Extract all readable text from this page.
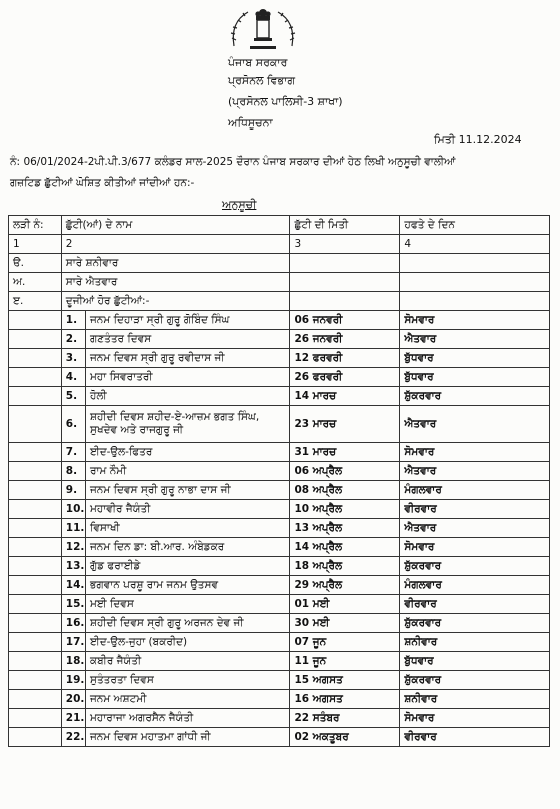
ਪੰਜਾਬ ਸਰਕਾਰ
ਪ੍ਰਸੋਨਲ ਵਿਭਾਗ
(ਪ੍ਰਸੋਨਲ ਪਾਲਿਸੀ-3 ਸ਼ਾਖਾ)
ਅਧਿਸੂਚਨਾ
ਮਿਤੀ 11.12.2024
ਨੰ: 06/01/2024-2ਪੀ.ਪੀ.3/677 ਕਲੰਡਰ ਸਾਲ-2025 ਦੌਰਾਨ ਪੰਜਾਬ ਸਰਕਾਰ ਦੀਆਂ ਹੇਠ ਲਿਖੀ ਅਨੁਸੂਚੀ ਵਾਲੀਆਂ
ਗਜ਼ਟਿਡ ਛੁੱਟੀਆਂ ਘੋਸ਼ਿਤ ਕੀਤੀਆਂ ਜਾਂਦੀਆਂ ਹਨ:-
ਅਨੁਸੂਚੀ
ਲੜੀ ਨੰ:	ਛੁੱਟੀ(ਆਂ) ਦੇ ਨਾਮ		ਛੁੱਟੀ ਦੀ ਮਿਤੀ	ਹਫਤੇ ਦੇ ਦਿਨ
1	2		3	4
ੳ.	ਸਾਰੇ ਸ਼ਨੀਵਾਰ			
ਅ.	ਸਾਰੇ ਐਤਵਾਰ			
ੲ.	ਦੂਜੀਆਂ ਹੋਰ ਛੁੱਟੀਆਂ:-			
	1.	ਜਨਮ ਦਿਹਾੜਾ ਸ੍ਰੀ ਗੁਰੂ ਗੋਬਿੰਦ ਸਿੰਘ	06 ਜਨਵਰੀ	ਸੋਮਵਾਰ
	2.	ਗਣਤੰਤਰ ਦਿਵਸ	26 ਜਨਵਰੀ	ਐਤਵਾਰ
	3.	ਜਨਮ ਦਿਵਸ ਸ੍ਰੀ ਗੁਰੂ ਰਵੀਦਾਸ ਜੀ	12 ਫਰਵਰੀ	ਬੁੱਧਵਾਰ
	4.	ਮਹਾ ਸਿਵਰਾਤਰੀ	26 ਫਰਵਰੀ	ਬੁੱਧਵਾਰ
	5.	ਹੋਲੀ	14 ਮਾਰਚ	ਸ਼ੁੱਕਰਵਾਰ
	6.	ਸ਼ਹੀਦੀ ਦਿਵਸ ਸ਼ਹੀਦ-ਏ-ਆਜ਼ਮ ਭਗਤ ਸਿੰਘ, ਸੁਖਦੇਵ ਅਤੇ ਰਾਜਗੁਰੂ ਜੀ	23 ਮਾਰਚ	ਐਤਵਾਰ
	7.	ਈਦ-ਉਲ-ਫਿਤਰ	31 ਮਾਰਚ	ਸੋਮਵਾਰ
	8.	ਰਾਮ ਨੌਮੀ	06 ਅਪ੍ਰੈਲ	ਐਤਵਾਰ
	9.	ਜਨਮ ਦਿਵਸ ਸ੍ਰੀ ਗੁਰੂ ਨਾਭਾ ਦਾਸ ਜੀ	08 ਅਪ੍ਰੈਲ	ਮੰਗਲਵਾਰ
	10.	ਮਹਾਵੀਰ ਜੈਯੰਤੀ	10 ਅਪ੍ਰੈਲ	ਵੀਰਵਾਰ
	11.	ਵਿਸਾਖੀ	13 ਅਪ੍ਰੈਲ	ਐਤਵਾਰ
	12.	ਜਨਮ ਦਿਨ ਡਾ: ਬੀ.ਆਰ. ਅੰਬੇਡਕਰ	14 ਅਪ੍ਰੈਲ	ਸੋਮਵਾਰ
	13.	ਗੁੱਡ ਫਰਾਈਡੇ	18 ਅਪ੍ਰੈਲ	ਸ਼ੁੱਕਰਵਾਰ
	14.	ਭਗਵਾਨ ਪਰਸ਼ੂ ਰਾਮ ਜਨਮ ਉਤਸਵ	29 ਅਪ੍ਰੈਲ	ਮੰਗਲਵਾਰ
	15.	ਮਈ ਦਿਵਸ	01 ਮਈ	ਵੀਰਵਾਰ
	16.	ਸ਼ਹੀਦੀ ਦਿਵਸ ਸ੍ਰੀ ਗੁਰੂ ਅਰਜਨ ਦੇਵ ਜੀ	30 ਮਈ	ਸ਼ੁੱਕਰਵਾਰ
	17.	ਈਦ-ਉਲ-ਜੁਹਾ (ਬਕਰੀਦ)	07 ਜੂਨ	ਸ਼ਨੀਵਾਰ
	18.	ਕਬੀਰ ਜੈਯੰਤੀ	11 ਜੂਨ	ਬੁੱਧਵਾਰ
	19.	ਸੁਤੰਤਰਤਾ ਦਿਵਸ	15 ਅਗਸਤ	ਸ਼ੁੱਕਰਵਾਰ
	20.	ਜਨਮ ਅਸ਼ਟਮੀ	16 ਅਗਸਤ	ਸ਼ਨੀਵਾਰ
	21.	ਮਹਾਰਾਜਾ ਅਗਰਸੈਨ ਜੈਯੰਤੀ	22 ਸਤੰਬਰ	ਸੋਮਵਾਰ
	22.	ਜਨਮ ਦਿਵਸ ਮਹਾਤਮਾ ਗਾਂਧੀ ਜੀ	02 ਅਕਤੂਬਰ	ਵੀਰਵਾਰ
